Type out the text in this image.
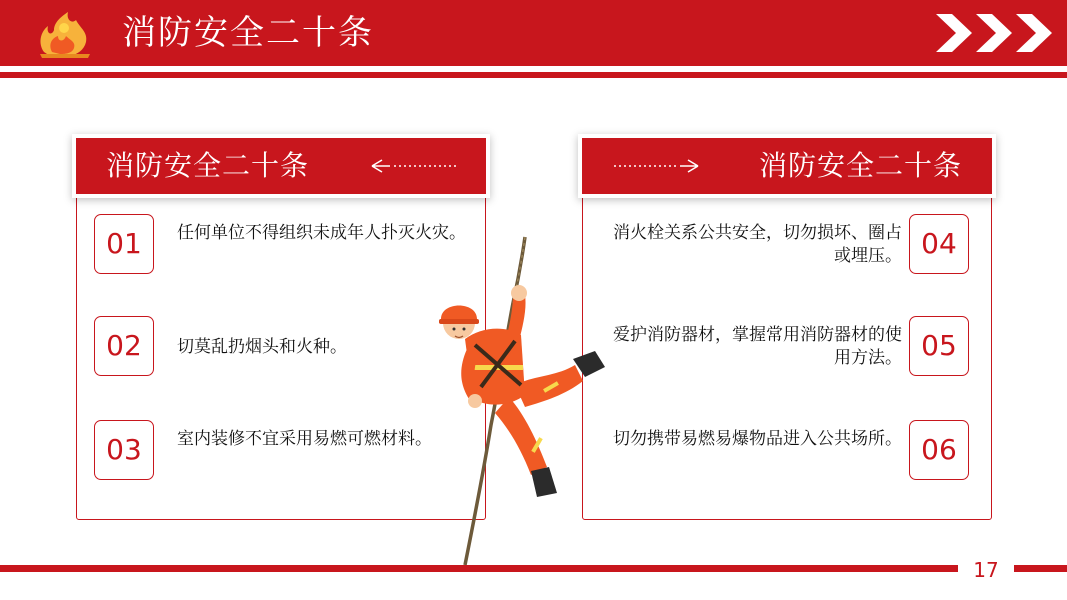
消防安全二十条
消防安全二十条
01	任何单位不得组织未成年人扑灭火灾。
02	切莫乱扔烟头和火种。
03	室内装修不宜采用易燃可燃材料。
消防安全二十条
消火栓关系公共安全，切勿损坏、圈占或埋压。 04
爱护消防器材，掌握常用消防器材的使用方法。 05
切勿携带易燃易爆物品进入公共场所。 06
17
